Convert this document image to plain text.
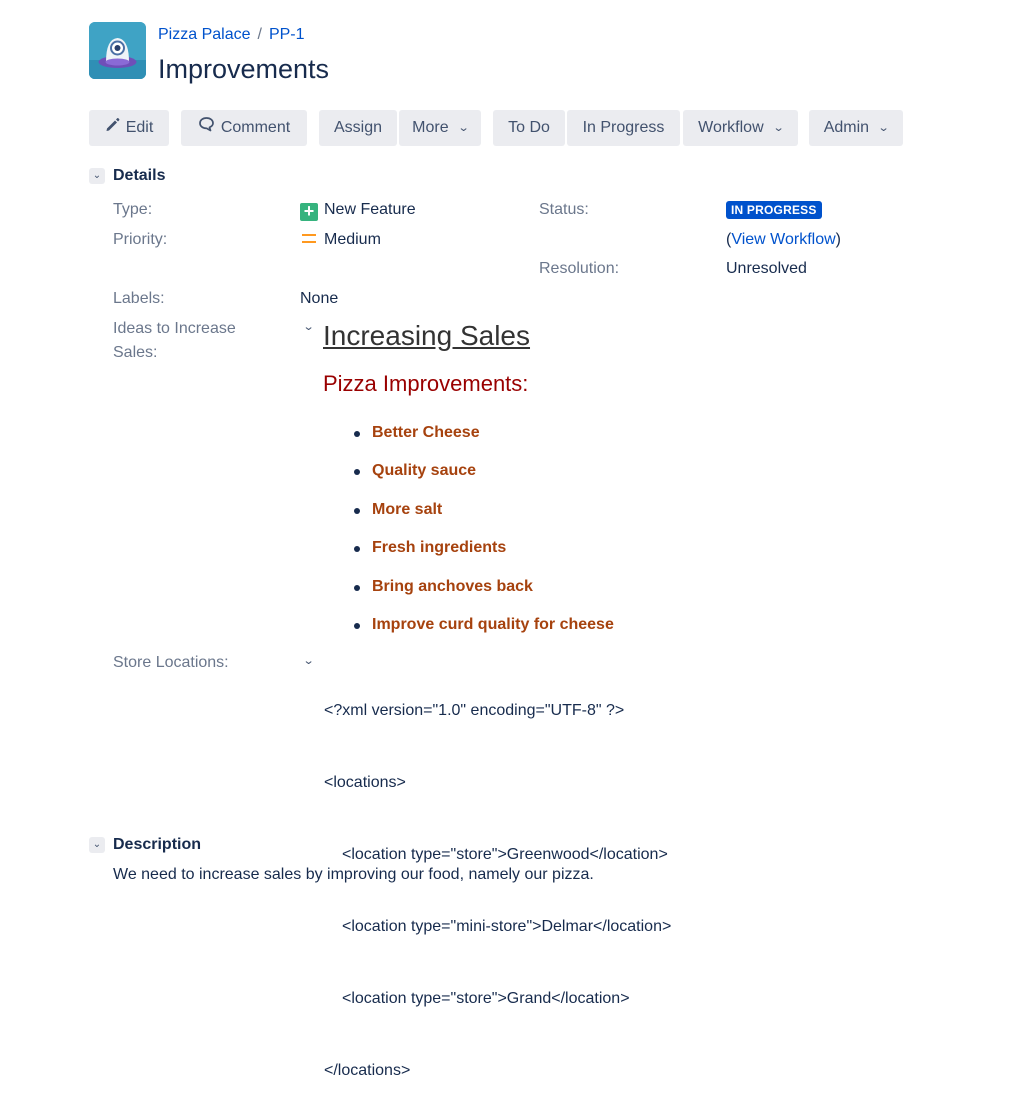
Pizza Palace / PP-1
Improvements
Edit	Comment	Assign	More ⌄	To Do	In Progress	Workflow ⌄ Admin ⌄
⌄ Details
Type:	+ New Feature
Priority:	Medium
Status:	IN PROGRESS
(View Workflow)
Resolution:	Unresolved
Labels:	None
Ideas to Increase
Sales:
⌄ Increasing Sales
Pizza Improvements:
Better Cheese
Quality sauce
More salt
Fresh ingredients
Bring anchoves back
Improve curd quality for cheese
Store Locations:	⌄

<?xml version="1.0" encoding="UTF-8" ?>

<locations>

<location type="store">Greenwood</location>

<location type="mini-store">Delmar</location>

<location type="store">Grand</location>

</locations>

⌄ Description
We need to increase sales by improving our food, namely our pizza.
